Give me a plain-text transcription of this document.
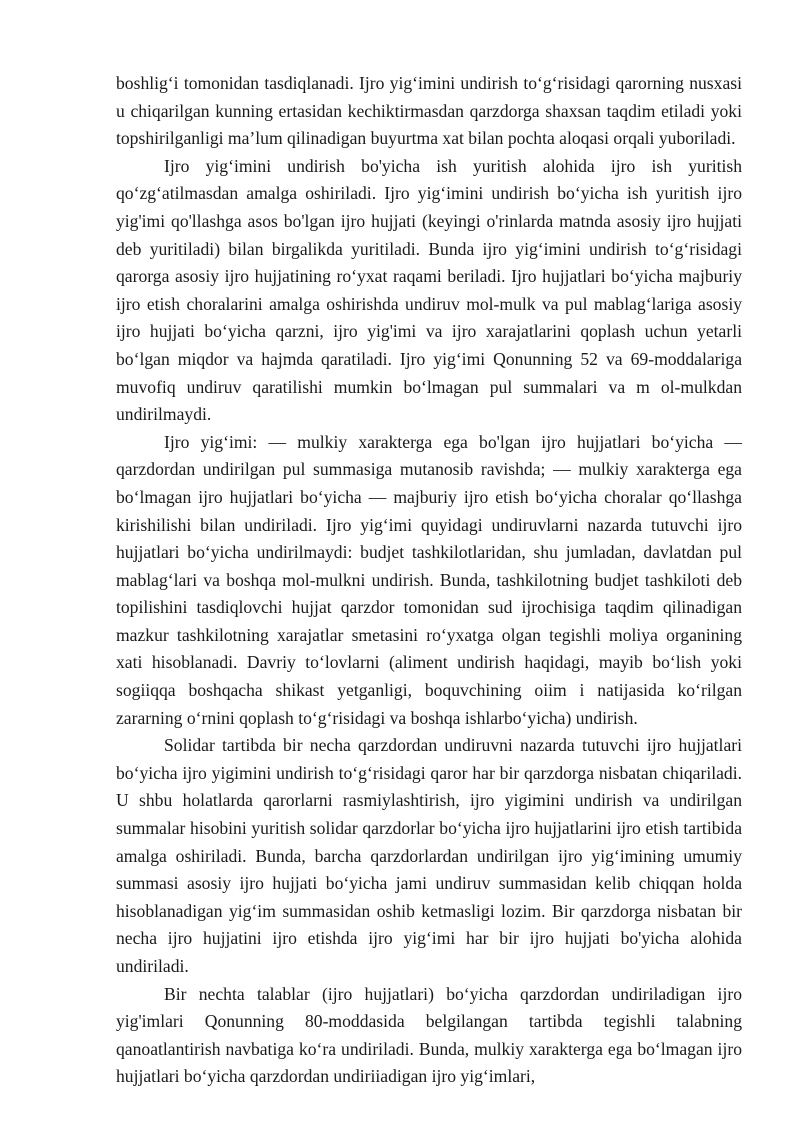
boshlig‘i tomonidan tasdiqlanadi. Ijro yig‘imini undirish to‘g‘risidagi qarorning nusxasi u chiqarilgan kunning ertasidan kechiktirmasdan qarzdorga shaxsan taqdim etiladi yoki topshirilganligi ma’lum qilinadigan buyurtma xat bilan pochta aloqasi orqali yuboriladi.

Ijro yig‘imini undirish bo'yicha ish yuritish alohida ijro ish yuritish qo‘zg‘atilmasdan amalga oshiriladi. Ijro yig‘imini undirish bo‘yicha ish yuritish ijro yig'imi qo'llashga asos bo'lgan ijro hujjati (keyingi o'rinlarda matnda asosiy ijro hujjati deb yuritiladi) bilan birgalikda yuritiladi. Bunda ijro yig‘imini undirish to‘g‘risidagi qarorga asosiy ijro hujjatining ro‘yxat raqami beriladi. Ijro hujjatlari bo‘yicha majburiy ijro etish choralarini amalga oshirishda undiruv mol-mulk va pul mablag‘lariga asosiy ijro hujjati bo‘yicha qarzni, ijro yig'imi va ijro xarajatlarini qoplash uchun yetarli bo‘lgan miqdor va hajmda qaratiladi. Ijro yig‘imi Qonunning 52 va 69-moddalariga muvofiq undiruv qaratilishi mumkin bo‘lmagan pul summalari va m ol-mulkdan undirilmaydi.

Ijro yig‘imi: — mulkiy xarakterga ega bo'lgan ijro hujjatlari bo‘yicha — qarzdordan undirilgan pul summasiga mutanosib ravishda; — mulkiy xarakterga ega bo‘lmagan ijro hujjatlari bo‘yicha — majburiy ijro etish bo‘yicha choralar qo‘llashga kirishilishi bilan undiriladi. Ijro yig‘imi quyidagi undiruvlarni nazarda tutuvchi ijro hujjatlari bo‘yicha undirilmaydi: budjet tashkilotlaridan, shu jumladan, davlatdan pul mablag‘lari va boshqa mol-mulkni undirish. Bunda, tashkilotning budjet tashkiloti deb topilishini tasdiqlovchi hujjat qarzdor tomonidan sud ijrochisiga taqdim qilinadigan mazkur tashkilotning xarajatlar smetasini ro‘yxatga olgan tegishli moliya organining xati hisoblanadi. Davriy to‘lovlarni (aliment undirish haqidagi, mayib bo‘lish yoki sogiiqqa boshqacha shikast yetganligi, boquvchining oiim i natijasida ko‘rilgan zararning o‘rnini qoplash to‘g‘risidagi va boshqa ishlarbo‘yicha) undirish.

Solidar tartibda bir necha qarzdordan undiruvni nazarda tutuvchi ijro hujjatlari bo‘yicha ijro yigimini undirish to‘g‘risidagi qaror har bir qarzdorga nisbatan chiqariladi. U shbu holatlarda qarorlarni rasmiylashtirish, ijro yigimini undirish va undirilgan summalar hisobini yuritish solidar qarzdorlar bo‘yicha ijro hujjatlarini ijro etish tartibida amalga oshiriladi. Bunda, barcha qarzdorlardan undirilgan ijro yig‘imining umumiy summasi asosiy ijro hujjati bo‘yicha jami undiruv summasidan kelib chiqqan holda hisoblanadigan yig‘im summasidan oshib ketmasligi lozim. Bir qarzdorga nisbatan bir necha ijro hujjatini ijro etishda ijro yig‘imi har bir ijro hujjati bo'yicha alohida undiriladi.

Bir nechta talablar (ijro hujjatlari) bo‘yicha qarzdordan undiriladigan ijro yig'imlari Qonunning 80-moddasida belgilangan tartibda tegishli talabning qanoatlantirish navbatiga ko‘ra undiriladi. Bunda, mulkiy xarakterga ega bo‘lmagan ijro hujjatlari bo‘yicha qarzdordan undiriiadigan ijro yig‘imlari,
